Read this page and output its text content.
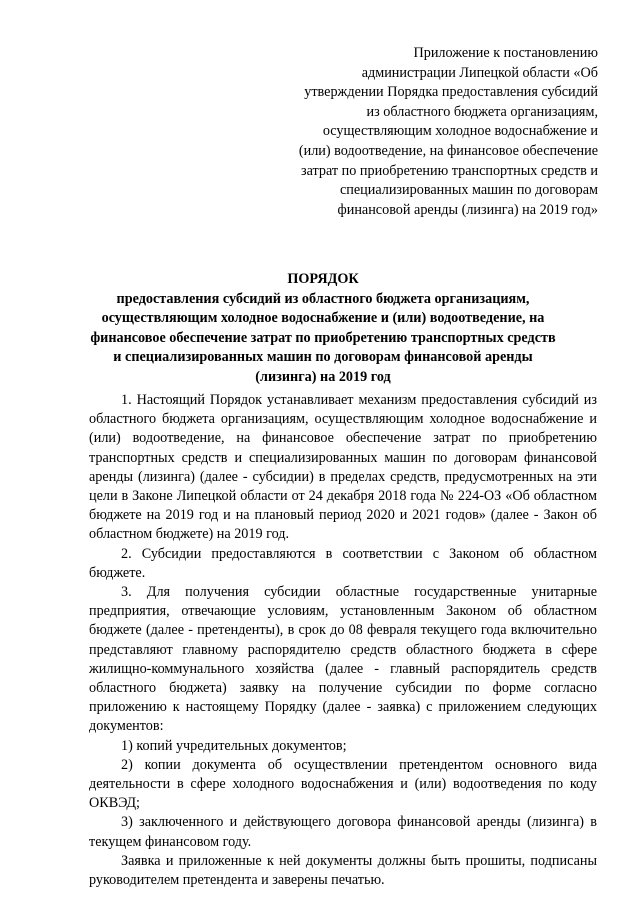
Приложение к постановлению
администрации Липецкой области «Об
утверждении Порядка предоставления субсидий
из областного бюджета организациям,
осуществляющим холодное водоснабжение и
(или) водоотведение, на финансовое обеспечение
затрат по приобретению транспортных средств и
специализированных машин по договорам
финансовой аренды (лизинга) на 2019 год»
ПОРЯДОК
предоставления субсидий из областного бюджета организациям,
осуществляющим холодное водоснабжение и (или) водоотведение, на
финансовое обеспечение затрат по приобретению транспортных средств
и специализированных машин по договорам финансовой аренды
(лизинга) на 2019 год

1. Настоящий Порядок устанавливает механизм предоставления субсидий из областного бюджета организациям, осуществляющим холодное водоснабжение и (или) водоотведение, на финансовое обеспечение затрат по приобретению транспортных средств и специализированных машин по договорам финансовой аренды (лизинга) (далее - субсидии) в пределах средств, предусмотренных на эти цели в Законе Липецкой области от 24 декабря 2018 года № 224-ОЗ «Об областном бюджете на 2019 год и на плановый период 2020 и 2021 годов» (далее - Закон об областном бюджете) на 2019 год.

2. Субсидии предоставляются в соответствии с Законом об областном бюджете.

3. Для получения субсидии областные государственные унитарные предприятия, отвечающие условиям, установленным Законом об областном бюджете (далее - претенденты), в срок до 08 февраля текущего года включительно представляют главному распорядителю средств областного бюджета в сфере жилищно-коммунального хозяйства (далее - главный распорядитель средств областного бюджета) заявку на получение субсидии по форме согласно приложению к настоящему Порядку (далее - заявка) с приложением следующих документов:

1) копий учредительных документов;

2) копии документа об осуществлении претендентом основного вида деятельности в сфере холодного водоснабжения и (или) водоотведения по коду ОКВЭД;

3) заключенного и действующего договора финансовой аренды (лизинга) в текущем финансовом году.

Заявка и приложенные к ней документы должны быть прошиты, подписаны руководителем претендента и заверены печатью.
